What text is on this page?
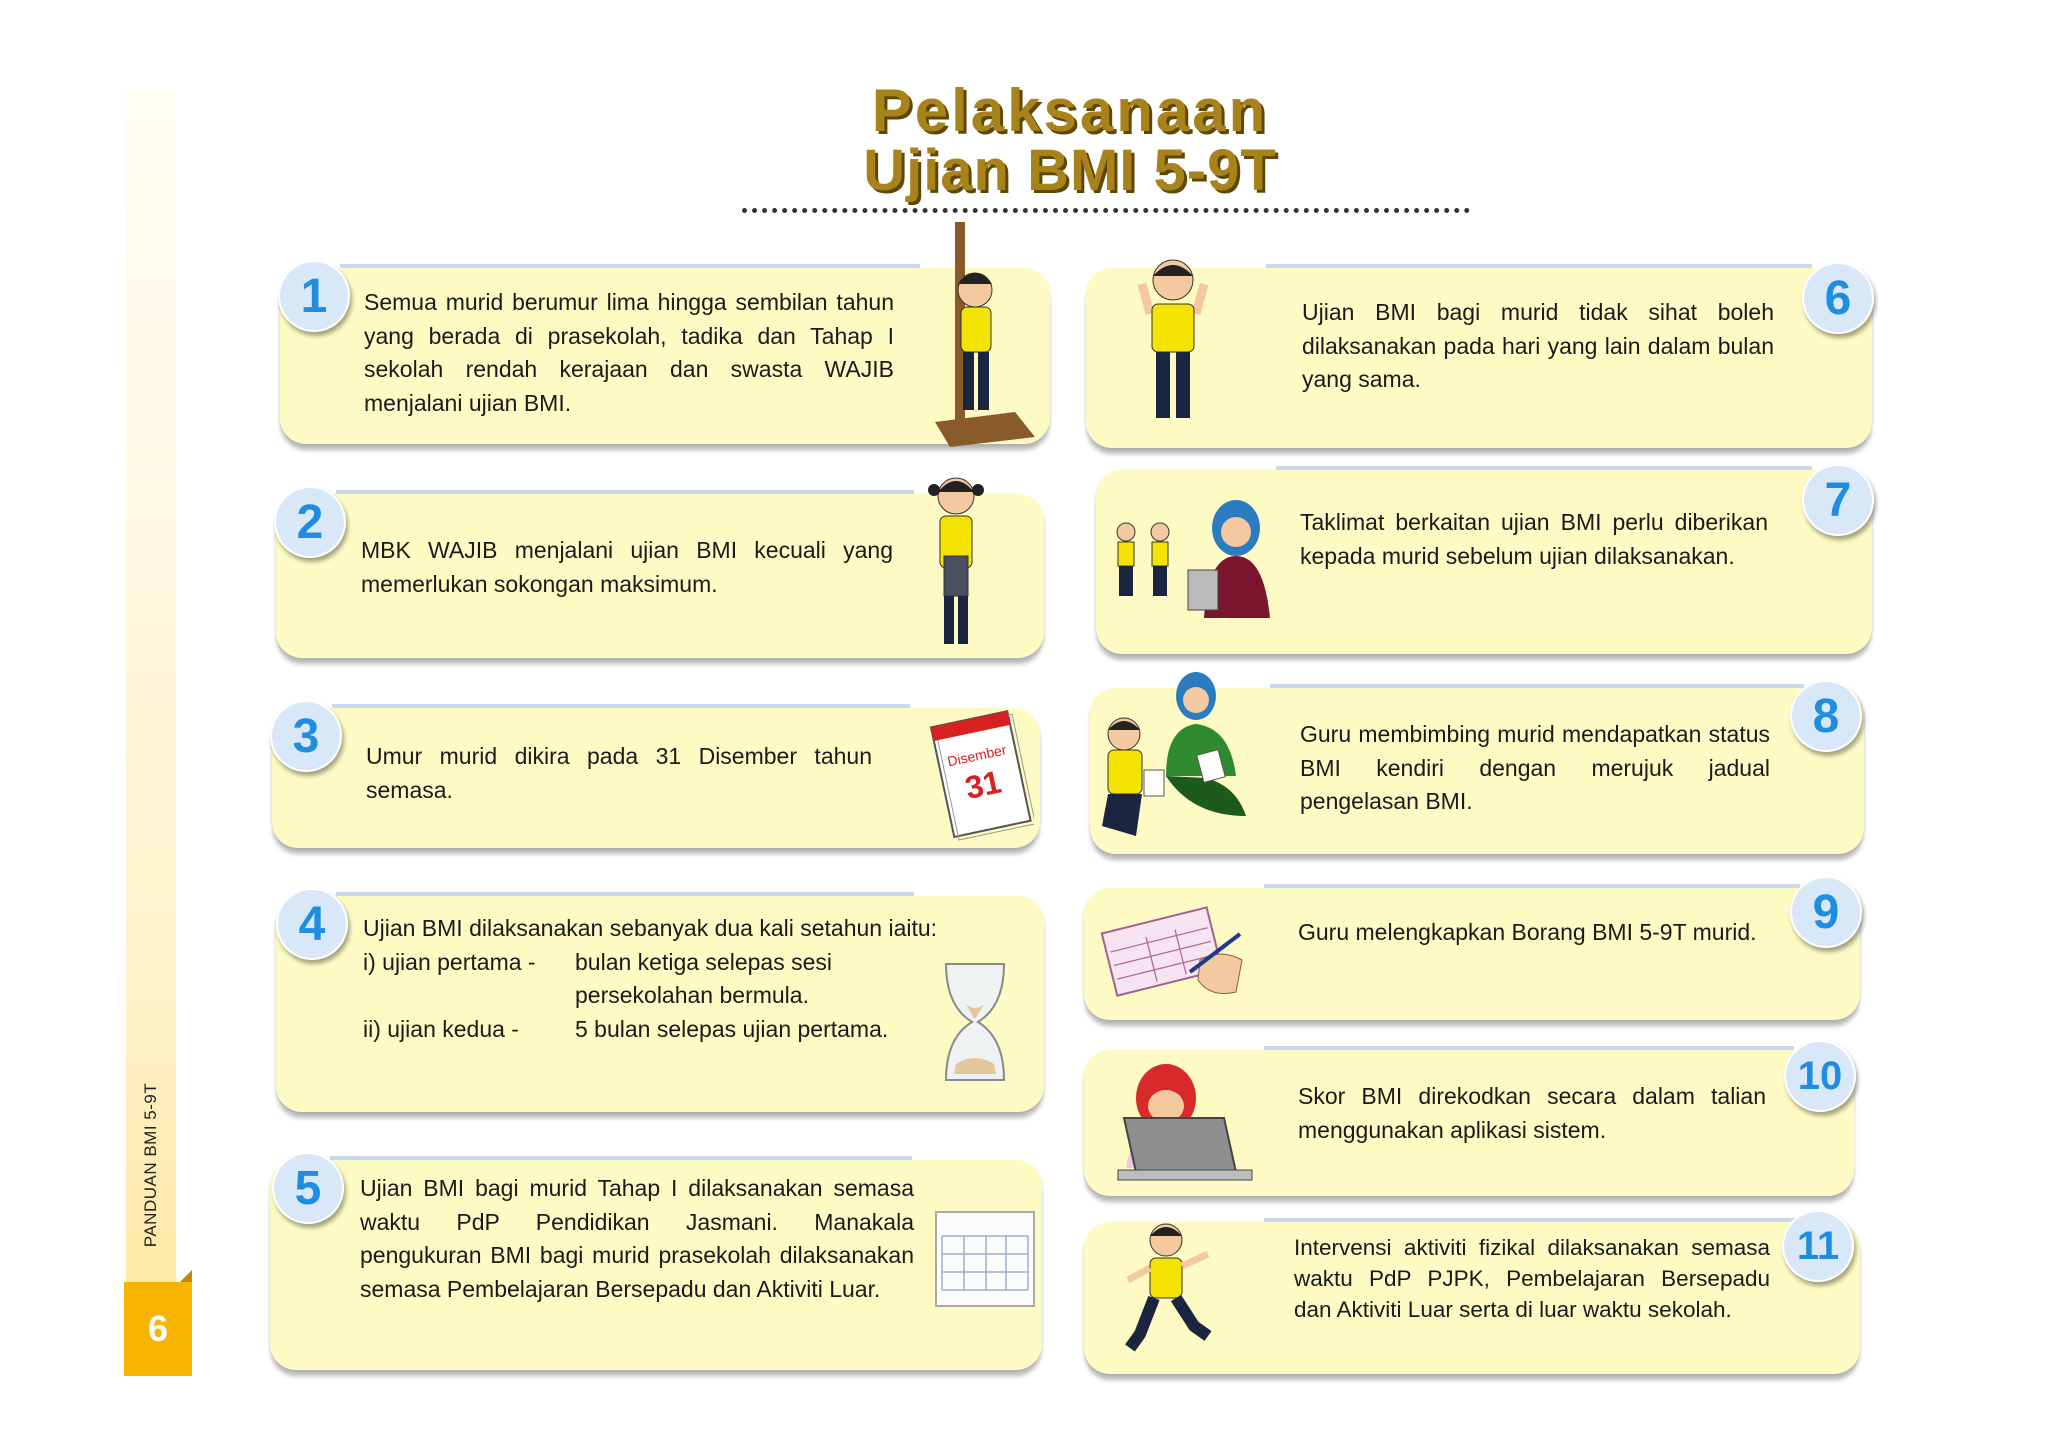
PANDUAN BMI 5-9T
6
Pelaksanaan
Ujian BMI 5-9T
1	Semua murid berumur lima hingga sembilan tahun yang berada di prasekolah, tadika dan Tahap I sekolah rendah kerajaan dan swasta WAJIB menjalani ujian BMI.
2
MBK WAJIB menjalani ujian BMI kecuali yang memerlukan sokongan maksimum.
3	Umur murid dikira pada 31 Disember tahun semasa.
Disember
31
4	Ujian BMI dilaksanakan sebanyak dua kali setahun iaitu:
i) ujian pertama -	bulan ketiga selepas sesi
persekolahan bermula.
ii) ujian kedua -	5 bulan selepas ujian pertama.
5	Ujian BMI bagi murid Tahap I dilaksanakan semasa waktu PdP Pendidikan Jasmani. Manakala pengukuran BMI bagi murid prasekolah dilaksanakan semasa Pembelajaran Bersepadu dan Aktiviti Luar.
6
Ujian BMI bagi murid tidak sihat boleh dilaksanakan pada hari yang lain dalam bulan yang sama.
7
Taklimat berkaitan ujian BMI perlu diberikan kepada murid sebelum ujian dilaksanakan.
8
Guru membimbing murid mendapatkan status BMI kendiri dengan merujuk jadual pengelasan BMI.
9
Guru melengkapkan Borang BMI 5-9T murid.
10
Skor BMI direkodkan secara dalam talian menggunakan aplikasi sistem.
11
Intervensi aktiviti fizikal dilaksanakan semasa waktu PdP PJPK, Pembelajaran Bersepadu dan Aktiviti Luar serta di luar waktu sekolah.
